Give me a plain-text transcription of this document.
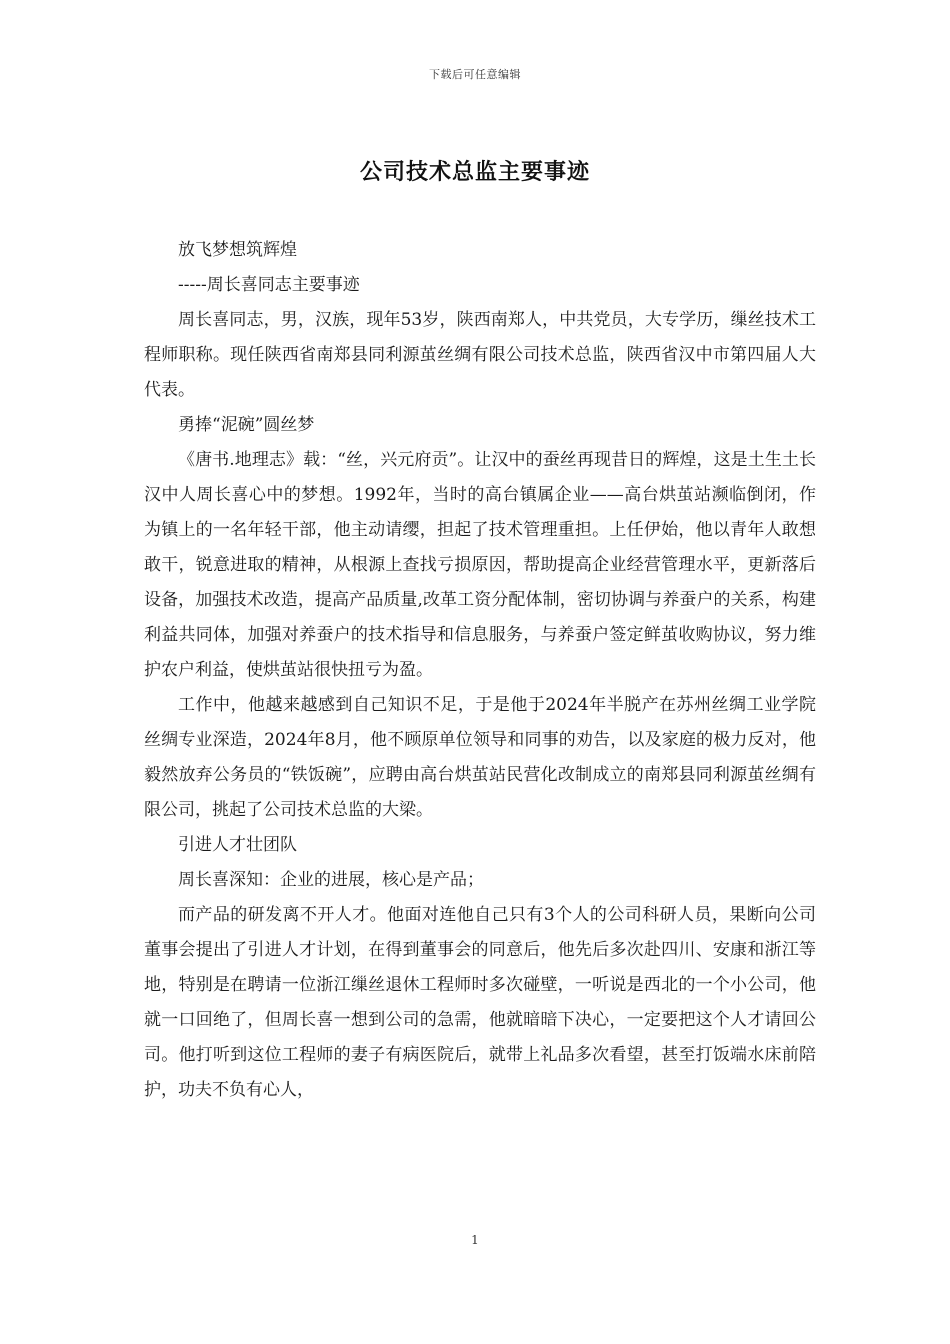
下载后可任意编辑
公司技术总监主要事迹

放飞梦想筑辉煌

-----周长喜同志主要事迹

周长喜同志，男，汉族，现年53岁，陕西南郑人，中共党员，大专学历，缫丝技术工程师职称。现任陕西省南郑县同利源茧丝绸有限公司技术总监，陕西省汉中市第四届人大代表。

勇捧“泥碗”圆丝梦

《唐书.地理志》载：“丝，兴元府贡”。让汉中的蚕丝再现昔日的辉煌，这是土生土长汉中人周长喜心中的梦想。1992年，当时的高台镇属企业——高台烘茧站濒临倒闭，作为镇上的一名年轻干部，他主动请缨，担起了技术管理重担。上任伊始，他以青年人敢想敢干，锐意进取的精神，从根源上查找亏损原因，帮助提高企业经营管理水平，更新落后设备，加强技术改造，提高产品质量,改革工资分配体制，密切协调与养蚕户的关系，构建利益共同体，加强对养蚕户的技术指导和信息服务，与养蚕户签定鲜茧收购协议，努力维护农户利益，使烘茧站很快扭亏为盈。

工作中，他越来越感到自己知识不足，于是他于2024年半脱产在苏州丝绸工业学院丝绸专业深造，2024年8月，他不顾原单位领导和同事的劝告，以及家庭的极力反对，他毅然放弃公务员的“铁饭碗”，应聘由高台烘茧站民营化改制成立的南郑县同利源茧丝绸有限公司，挑起了公司技术总监的大梁。

引进人才壮团队

周长喜深知：企业的进展，核心是产品；

而产品的研发离不开人才。他面对连他自己只有3个人的公司科研人员，果断向公司董事会提出了引进人才计划，在得到董事会的同意后，他先后多次赴四川、安康和浙江等地，特别是在聘请一位浙江缫丝退休工程师时多次碰壁，一听说是西北的一个小公司，他就一口回绝了，但周长喜一想到公司的急需，他就暗暗下决心，一定要把这个人才请回公司。他打听到这位工程师的妻子有病医院后，就带上礼品多次看望，甚至打饭端水床前陪护，功夫不负有心人，

1
